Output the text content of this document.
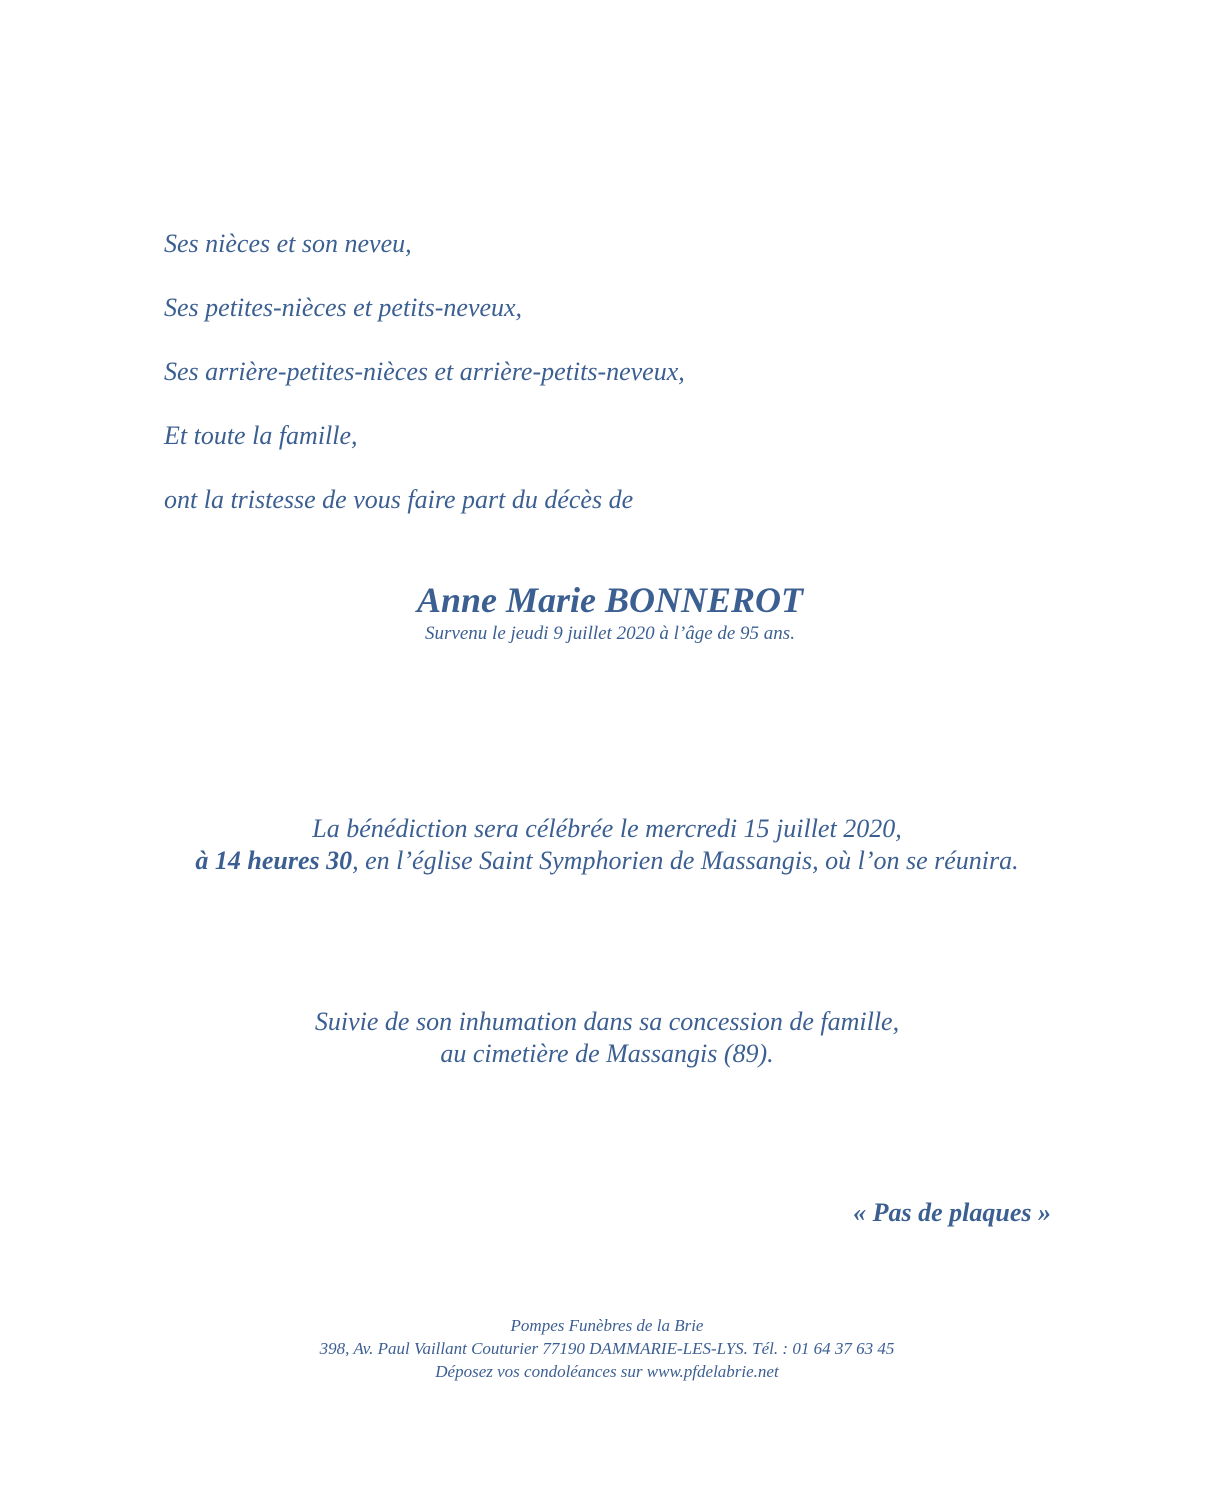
Ses nièces et son neveu,
Ses petites-nièces et petits-neveux,
Ses arrière-petites-nièces et arrière-petits-neveux,
Et toute la famille,
ont la tristesse de vous faire part du décès de
Anne Marie BONNEROT
Survenu le jeudi 9 juillet 2020 à l’âge de 95 ans.
La bénédiction sera célébrée le mercredi 15 juillet 2020,
à 14 heures 30, en l’église Saint Symphorien de Massangis, où l’on se réunira.
Suivie de son inhumation dans sa concession de famille,
au cimetière de Massangis (89).
« Pas de plaques »
Pompes Funèbres de la Brie
398, Av. Paul Vaillant Couturier 77190 DAMMARIE-LES-LYS. Tél. : 01 64 37 63 45
Déposez vos condoléances sur www.pfdelabrie.net
